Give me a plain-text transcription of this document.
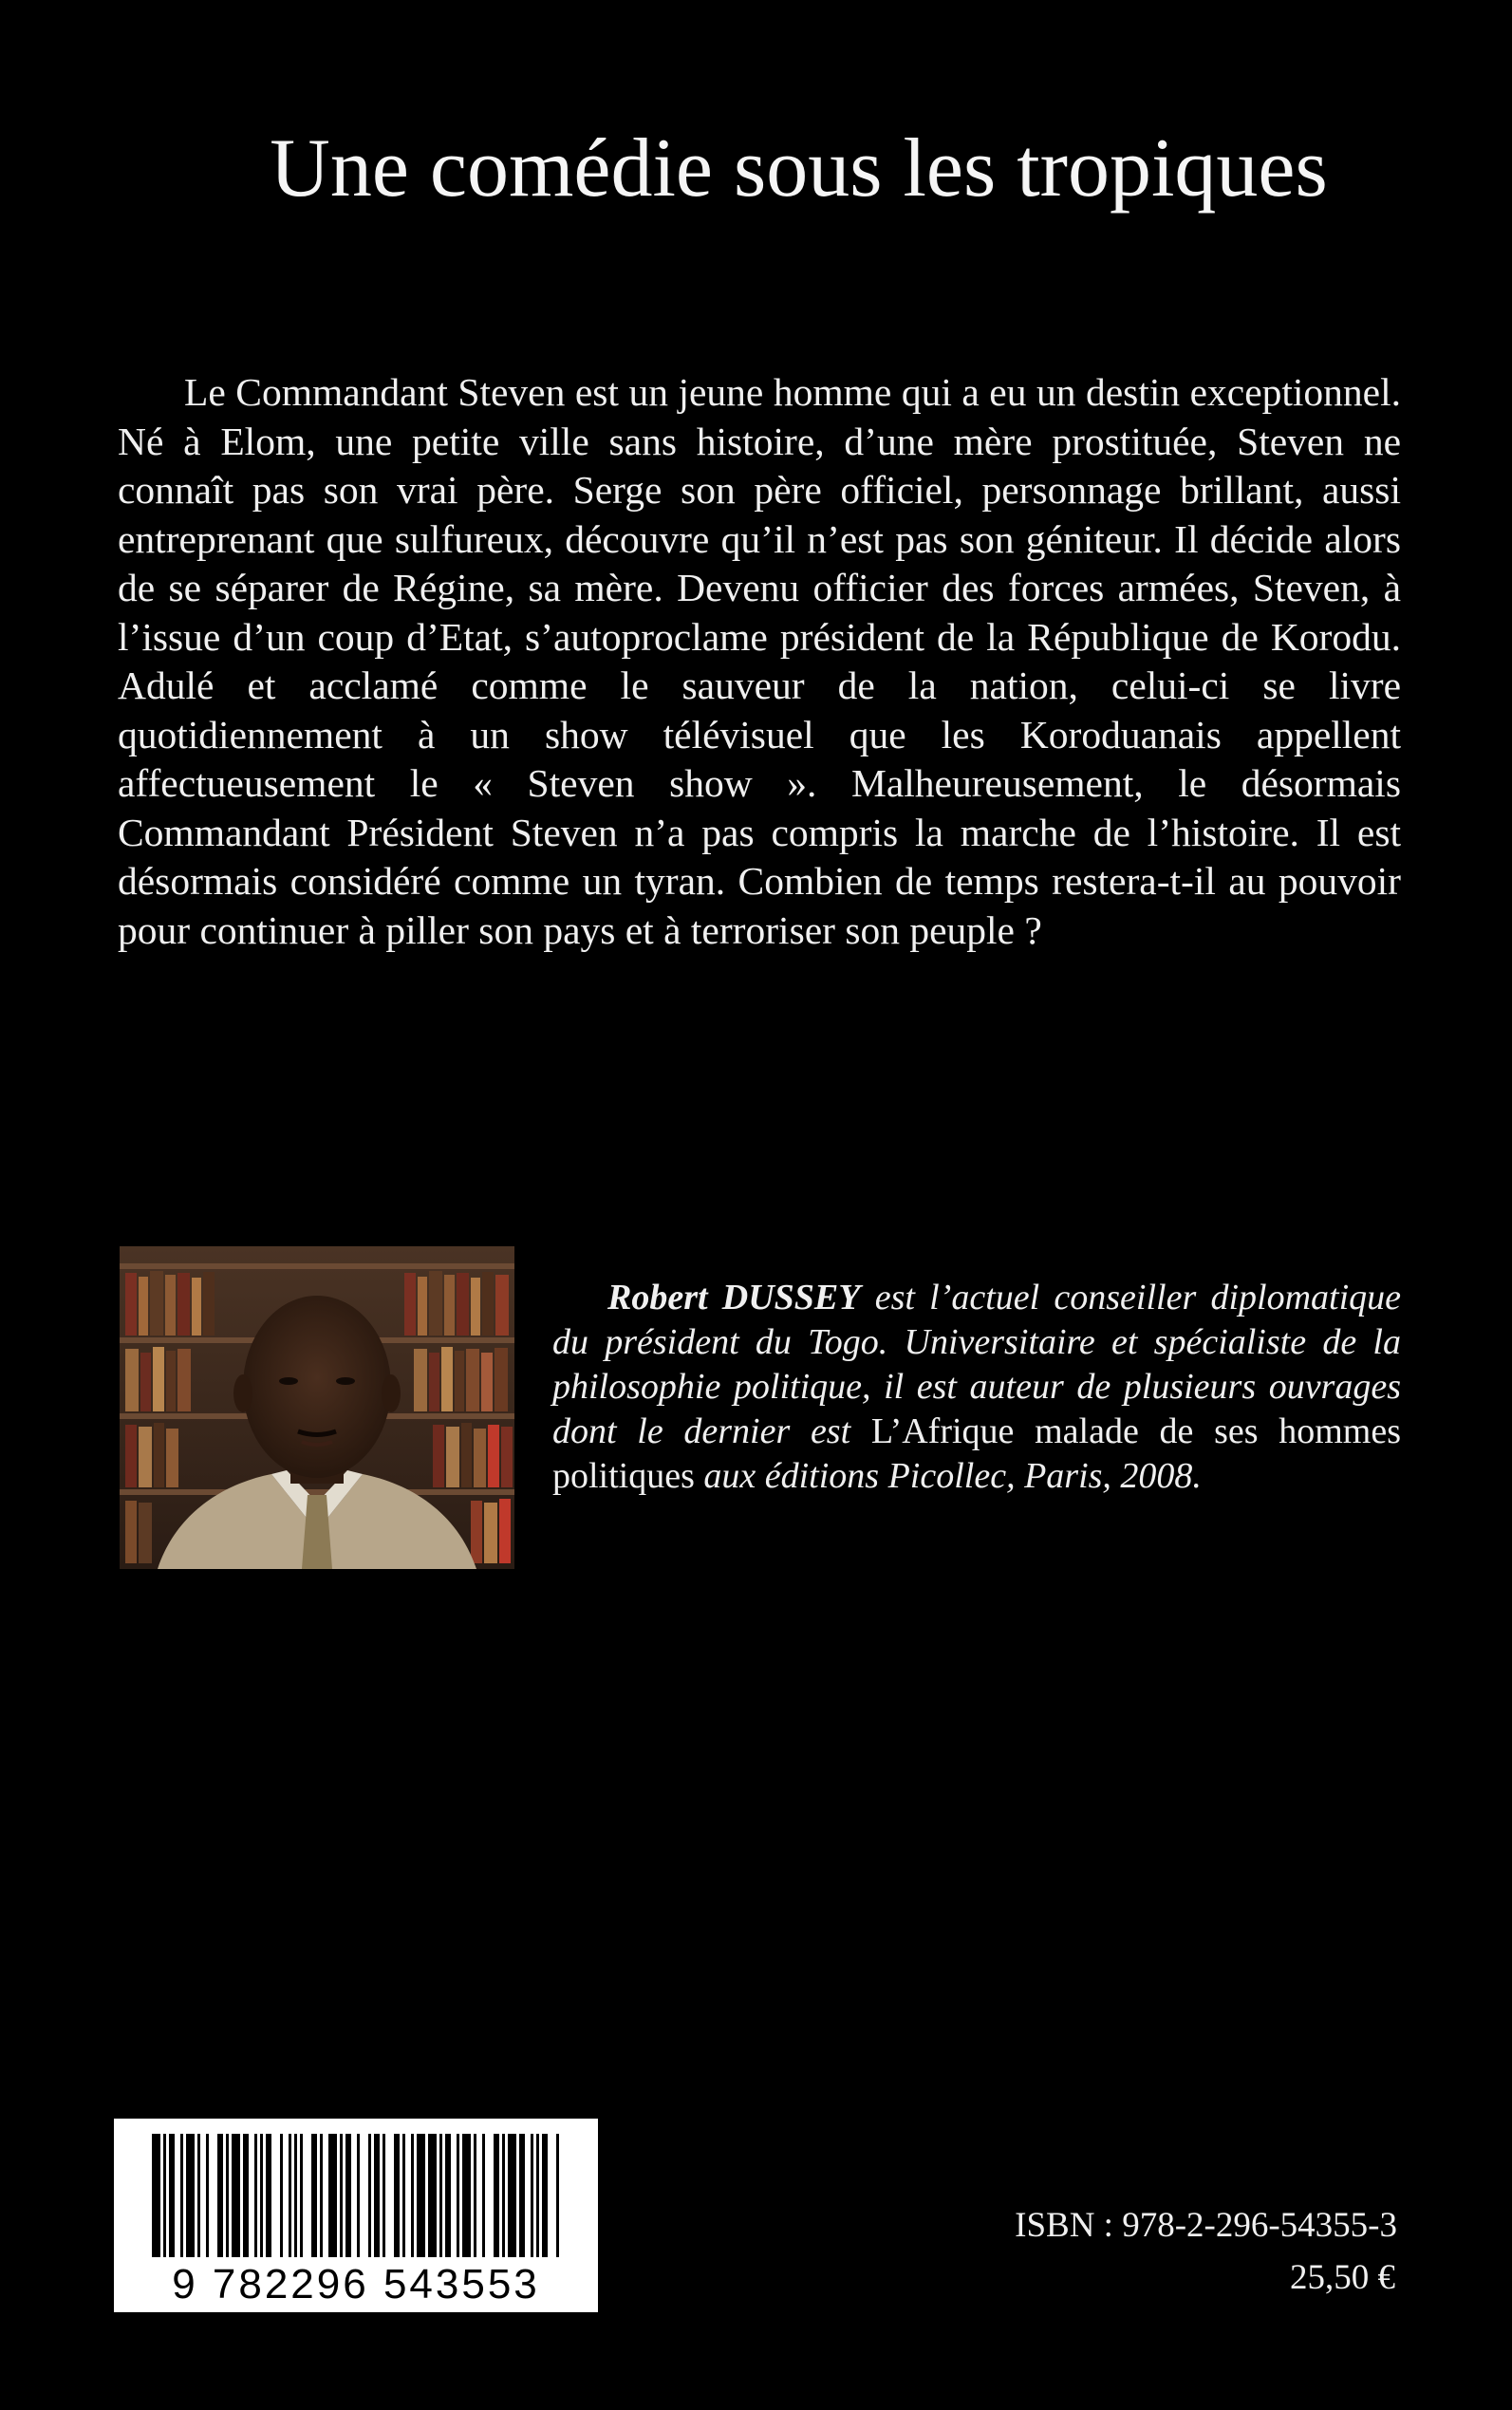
Une comédie sous les tropiques

Le Commandant Steven est un jeune homme qui a eu un destin exceptionnel. Né à Elom, une petite ville sans histoire, d’une mère prostituée, Steven ne connaît pas son vrai père. Serge son père officiel, personnage brillant, aussi entreprenant que sulfureux, découvre qu’il n’est pas son géniteur. Il décide alors de se séparer de Régine, sa mère. Devenu officier des forces armées, Steven, à l’issue d’un coup d’Etat, s’autoproclame président de la République de Korodu. Adulé et acclamé comme le sauveur de la nation, celui-ci se livre quotidiennement à un show télévisuel que les Koroduanais appellent affectueusement le « Steven show ». Malheureusement, le désormais Commandant Président Steven n’a pas compris la marche de l’histoire. Il est désormais considéré comme un tyran. Combien de temps restera-t-il au pouvoir pour continuer à piller son pays et à terroriser son peuple ?

Robert DUSSEY est l’actuel conseiller diplomatique du président du Togo. Universitaire et spécialiste de la philosophie politique, il est auteur de plusieurs ouvrages dont le dernier est L’Afrique malade de ses hommes politiques aux éditions Picollec, Paris, 2008.

9 782296 543553
ISBN : 978-2-296-54355-3
25,50 €
